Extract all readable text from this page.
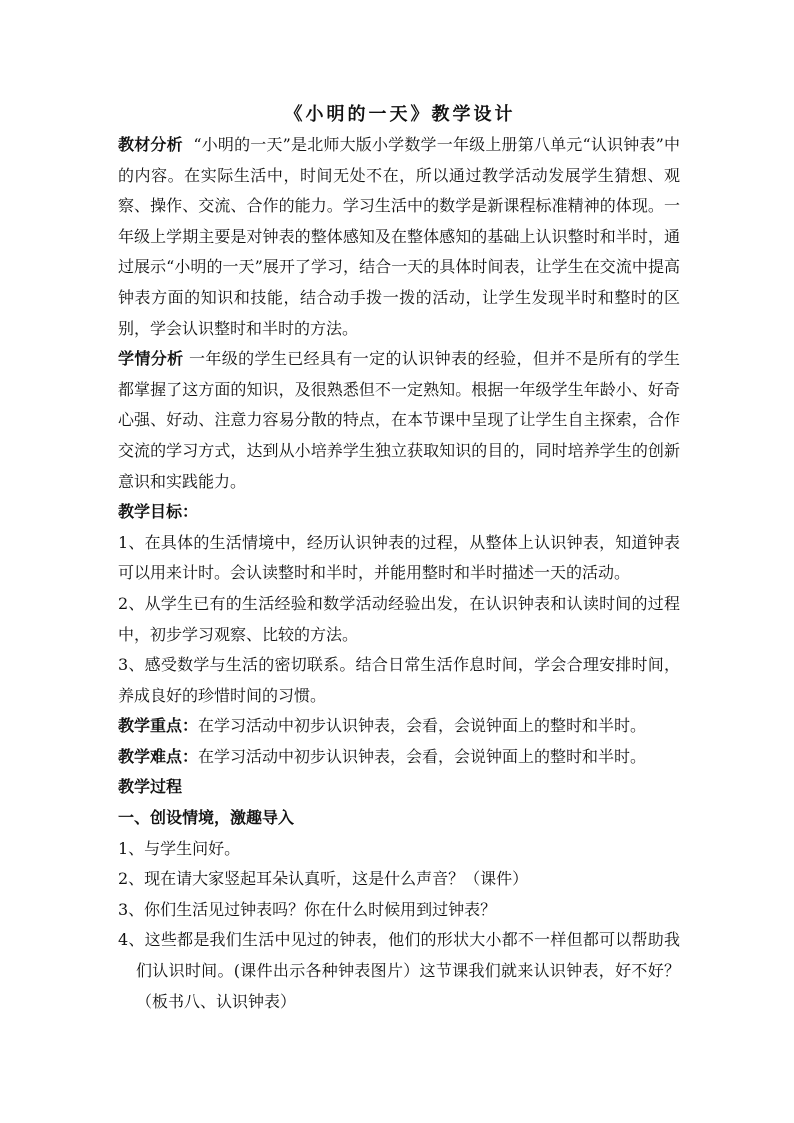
《小明的一天》教学设计

教材分析 “小明的一天”是北师大版小学数学一年级上册第八单元“认识钟表”中的内容。在实际生活中，时间无处不在，所以通过教学活动发展学生猜想、观察、操作、交流、合作的能力。学习生活中的数学是新课程标准精神的体现。一年级上学期主要是对钟表的整体感知及在整体感知的基础上认识整时和半时，通过展示“小明的一天”展开了学习，结合一天的具体时间表，让学生在交流中提高钟表方面的知识和技能，结合动手拨一拨的活动，让学生发现半时和整时的区别，学会认识整时和半时的方法。

学情分析 一年级的学生已经具有一定的认识钟表的经验，但并不是所有的学生都掌握了这方面的知识，及很熟悉但不一定熟知。根据一年级学生年龄小、好奇心强、好动、注意力容易分散的特点，在本节课中呈现了让学生自主探索，合作交流的学习方式，达到从小培养学生独立获取知识的目的，同时培养学生的创新意识和实践能力。

教学目标：

1、在具体的生活情境中，经历认识钟表的过程，从整体上认识钟表，知道钟表可以用来计时。会认读整时和半时，并能用整时和半时描述一天的活动。

2、从学生已有的生活经验和数学活动经验出发，在认识钟表和认读时间的过程中，初步学习观察、比较的方法。

3、感受数学与生活的密切联系。结合日常生活作息时间，学会合理安排时间，养成良好的珍惜时间的习惯。

教学重点：在学习活动中初步认识钟表，会看，会说钟面上的整时和半时。

教学难点：在学习活动中初步认识钟表，会看，会说钟面上的整时和半时。

教学过程

一、创设情境，激趣导入

1、与学生问好。

2、现在请大家竖起耳朵认真听，这是什么声音？（课件）

3、你们生活见过钟表吗？你在什么时候用到过钟表？

4、这些都是我们生活中见过的钟表，他们的形状大小都不一样但都可以帮助我们认识时间。(课件出示各种钟表图片）这节课我们就来认识钟表，好不好？（板书八、认识钟表）
